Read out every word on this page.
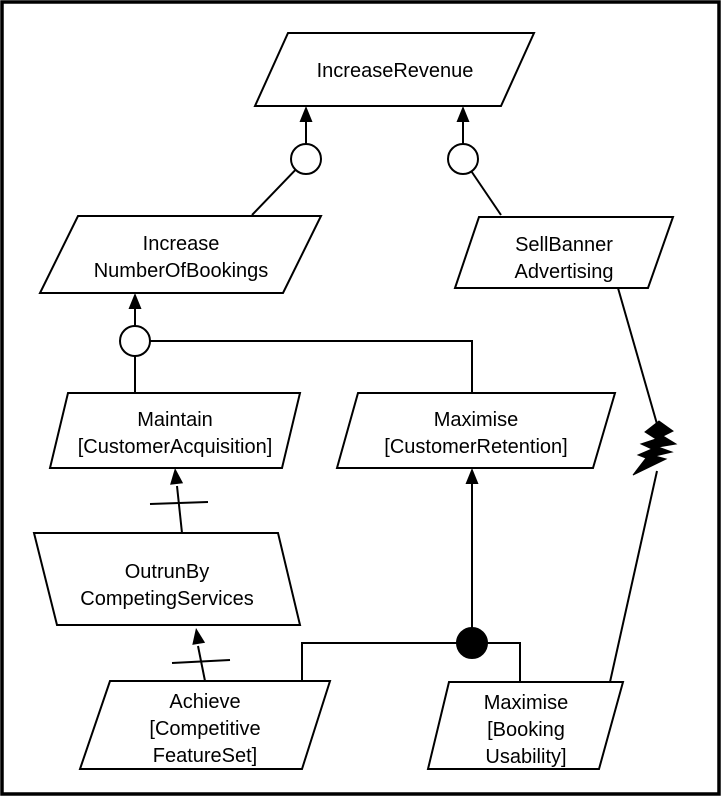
IncreaseRevenue
Increase
NumberOfBookings
SellBanner
Advertising
Maintain
[CustomerAcquisition]
Maximise
[CustomerRetention]
OutrunBy
CompetingServices
Achieve
[Competitive
FeatureSet]
Maximise
[Booking
Usability]
